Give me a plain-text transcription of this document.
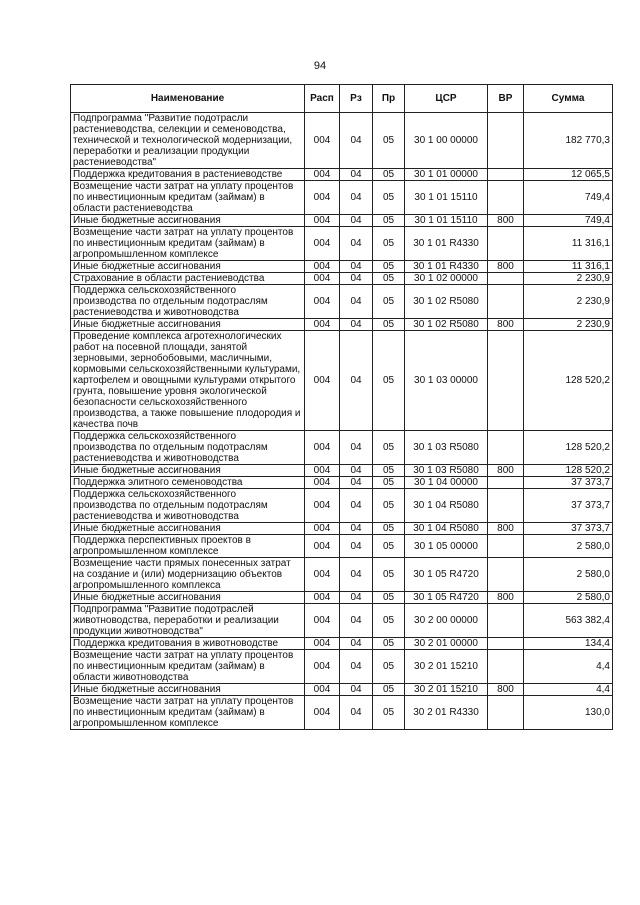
94
Наименование	Расп	Рз	Пр	ЦСР	ВР	Сумма
Подпрограмма "Развитие подотрасли растениеводства, селекции и семеноводства, технической и технологической модернизации, переработки и реализации продукции растениеводства"	004	04	05	30 1 00 00000		182 770,3
Поддержка кредитования в растениеводстве	004	04	05	30 1 01 00000		12 065,5
Возмещение части затрат на уплату процентов по инвестиционным кредитам (займам) в области растениеводства	004	04	05	30 1 01 15110		749,4
Иные бюджетные ассигнования	004	04	05	30 1 01 15110	800	749,4
Возмещение части затрат на уплату процентов по инвестиционным кредитам (займам) в агропромышленном комплексе	004	04	05	30 1 01 R4330		11 316,1
Иные бюджетные ассигнования	004	04	05	30 1 01 R4330	800	11 316,1
Страхование в области растениеводства	004	04	05	30 1 02 00000		2 230,9
Поддержка сельскохозяйственного производства по отдельным подотраслям растениеводства и животноводства	004	04	05	30 1 02 R5080		2 230,9
Иные бюджетные ассигнования	004	04	05	30 1 02 R5080	800	2 230,9
Проведение комплекса агротехнологических работ на посевной площади, занятой зерновыми, зернобобовыми, масличными, кормовыми сельскохозяйственными культурами, картофелем и овощными культурами открытого грунта, повышение уровня экологической безопасности сельскохозяйственного производства, а также повышение плодородия и качества почв	004	04	05	30 1 03 00000		128 520,2
Поддержка сельскохозяйственного производства по отдельным подотраслям растениеводства и животноводства	004	04	05	30 1 03 R5080		128 520,2
Иные бюджетные ассигнования	004	04	05	30 1 03 R5080	800	128 520,2
Поддержка элитного семеноводства	004	04	05	30 1 04 00000		37 373,7
Поддержка сельскохозяйственного производства по отдельным подотраслям растениеводства и животноводства	004	04	05	30 1 04 R5080		37 373,7
Иные бюджетные ассигнования	004	04	05	30 1 04 R5080	800	37 373,7
Поддержка перспективных проектов в агропромышленном комплексе	004	04	05	30 1 05 00000		2 580,0
Возмещение части прямых понесенных затрат на создание и (или) модернизацию объектов агропромышленного комплекса	004	04	05	30 1 05 R4720		2 580,0
Иные бюджетные ассигнования	004	04	05	30 1 05 R4720	800	2 580,0
Подпрограмма "Развитие подотраслей животноводства, переработки и реализации продукции животноводства"	004	04	05	30 2 00 00000		563 382,4
Поддержка кредитования в животноводстве	004	04	05	30 2 01 00000		134,4
Возмещение части затрат на уплату процентов по инвестиционным кредитам (займам) в области животноводства	004	04	05	30 2 01 15210		4,4
Иные бюджетные ассигнования	004	04	05	30 2 01 15210	800	4,4
Возмещение части затрат на уплату процентов по инвестиционным кредитам (займам) в агропромышленном комплексе	004	04	05	30 2 01 R4330		130,0
